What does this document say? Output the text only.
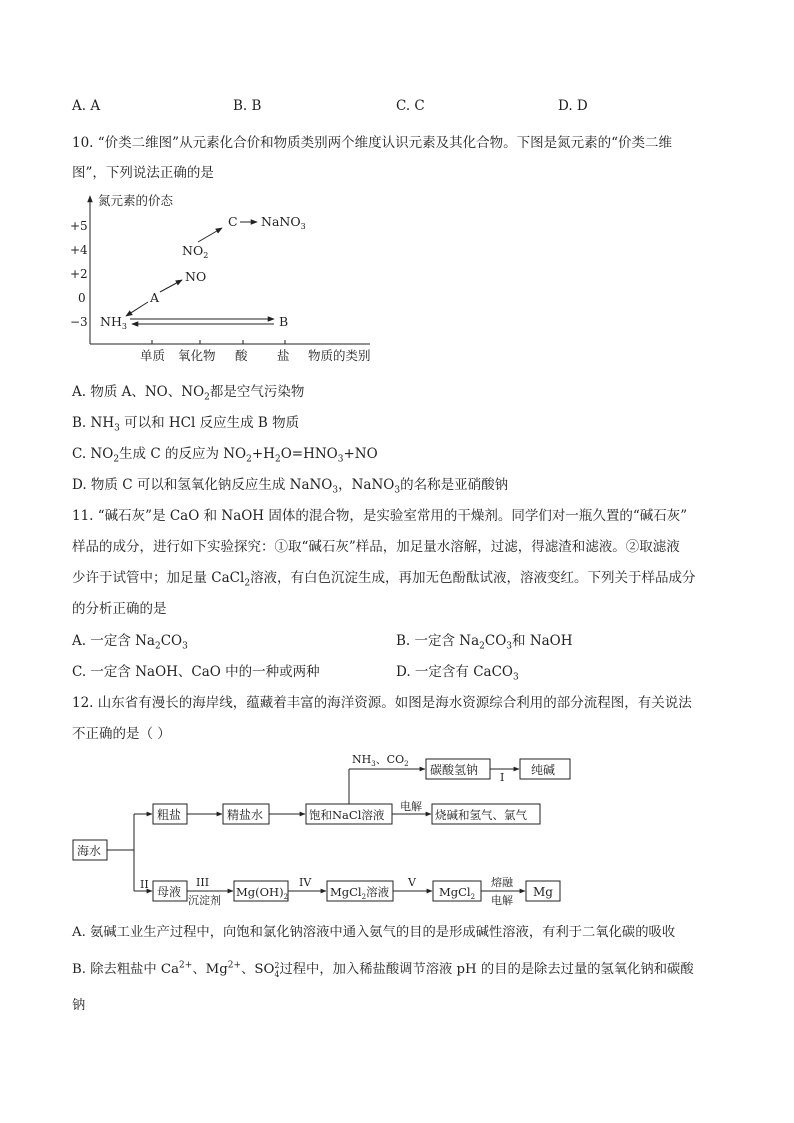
A. A	B. B	C. C	D. D
10. “价类二维图”从元素化合价和物质类别两个维度认识元素及其化合物。下图是氮元素的“价类二维
图”，下列说法正确的是
氮元素的价态
+5
+4
+2
0
−3
单质 氧化物 酸 盐 物质的类别
C NaNO$_3$
$NO_2$
NO
A
$NH_3$	B
A. 物质 A、NO、$NO_2$都是空气污染物
B. $NH_3$ 可以和 HCl 反应生成 B 物质
C. $NO_2$生成 C 的反应为 $NO_2+H_2O=HNO_3+NO$
D. 物质 C 可以和氢氧化钠反应生成 NaNO$_3$，NaNO$_3$的名称是亚硝酸钠
11. “碱石灰”是 CaO 和 NaOH 固体的混合物，是实验室常用的干燥剂。同学们对一瓶久置的“碱石灰”
样品的成分，进行如下实验探究：①取“碱石灰”样品，加足量水溶解，过滤，得滤渣和滤液。②取滤液
少许于试管中；加足量 CaCl$_2$溶液，有白色沉淀生成，再加无色酚酞试液，溶液变红。下列关于样品成分
的分析正确的是
A. 一定含 $Na_2CO_3$	B. 一定含 $Na_2CO_3$和 NaOH
C. 一定含 NaOH、CaO 中的一种或两种	D. 一定含有 CaCO$_3$
12. 山东省有漫长的海岸线，蕴藏着丰富的海洋资源。如图是海水资源综合利用的部分流程图，有关说法
不正确的是（ ）
海水
粗盐	精盐水	饱和NaCl溶液
$NH_3$、$CO_2$ 碳酸氢钠
I
纯碱
电解
烧碱和氢气、氯气
II
母液
III
沉淀剂
$Mg(OH)_2$
IV
MgCl$_2$溶液
V
MgCl$_2$
熔融
电解
Mg
A. 氨碱工业生产过程中，向饱和氯化钠溶液中通入氨气的目的是形成碱性溶液，有利于二氧化碳的吸收
B. 除去粗盐中 $Ca^{2+}$、$Mg^{2+}$、SO 2
4 过程中，加入稀盐酸调节溶液 pH 的目的是除去过量的氢氧化钠和碳酸
钠
